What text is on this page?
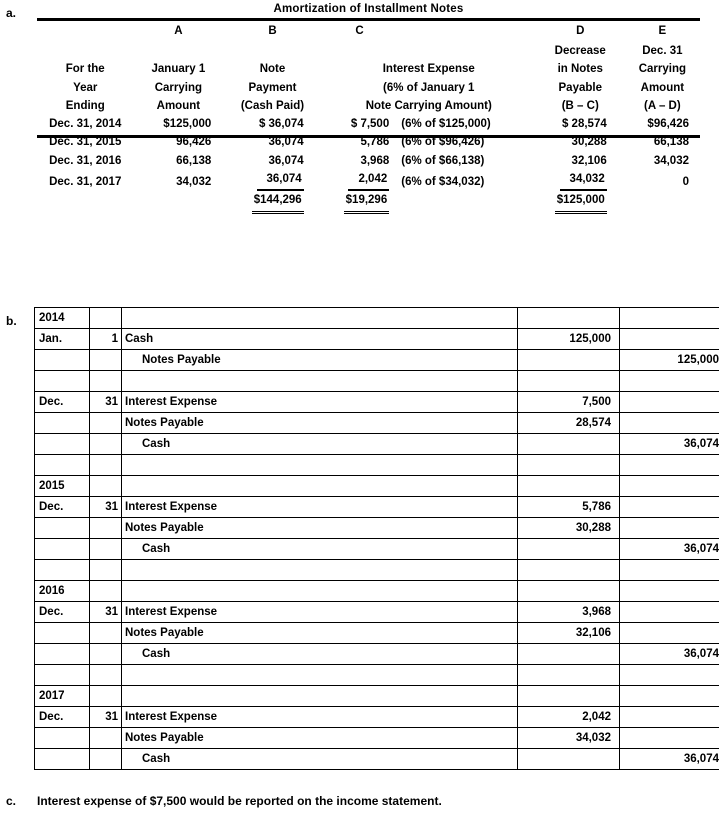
a.	Amortization of Installment Notes
	A	B	C		D	E
					Decrease	Dec. 31
For the	January 1	Note	Interest Expense		in Notes	Carrying
Year	Carrying	Payment	(6% of January 1		Payable	Amount
Ending	Amount	(Cash Paid)	Note Carrying Amount)		(B – C)	(A – D)

Dec. 31, 2014	$125,000	$ 36,074	$ 7,500	(6% of $125,000)	$ 28,574	$96,426
Dec. 31, 2015	96,426	36,074	5,786	(6% of $96,426)	30,288	66,138
Dec. 31, 2016	66,138	36,074	3,968	(6% of $66,138)	32,106	34,032
Dec. 31, 2017	34,032	36,074	2,042	(6% of $34,032)	34,032	0
		$144,296	$19,296		$125,000	
b. 2014				
Jan.	1	Cash	125,000	
		Notes Payable		125,000

Dec.	31	Interest Expense	7,500	
		Notes Payable	28,574	
		Cash		36,074

2015				
Dec.	31	Interest Expense	5,786	
		Notes Payable	30,288	
		Cash		36,074

2016				
Dec.	31	Interest Expense	3,968	
		Notes Payable	32,106	
		Cash		36,074

2017				
Dec.	31	Interest Expense	2,042	
		Notes Payable	34,032	
		Cash		36,074
c. Interest expense of $7,500 would be reported on the income statement.
